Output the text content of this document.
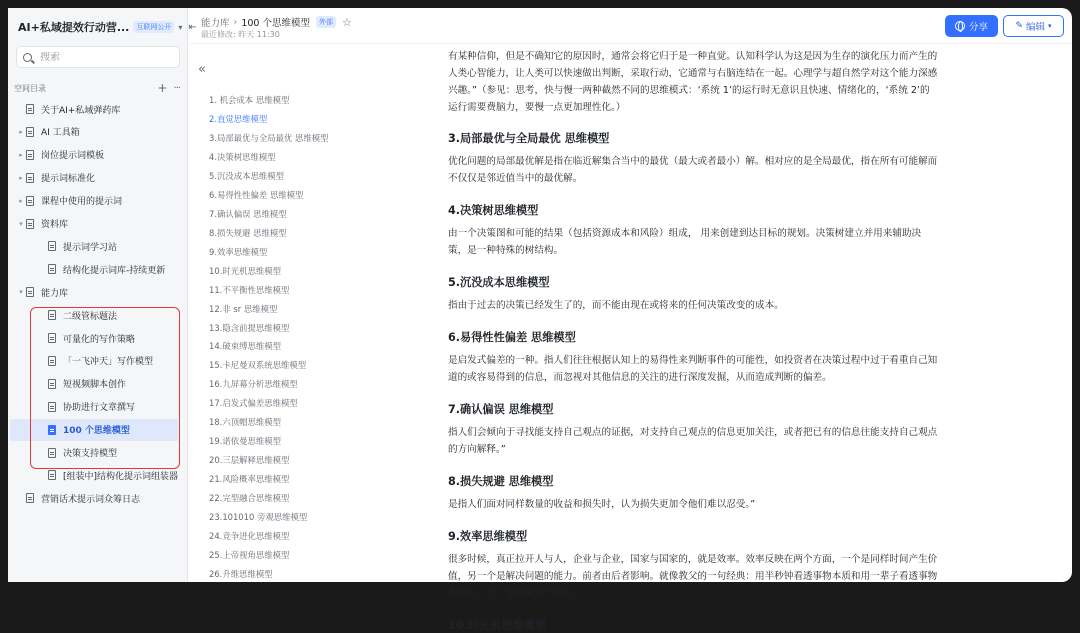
AI+私域提效行动营...	互联网公开 ▾ ⇤
搜索
空间目录	+ ···
关于AI+私域弹药库
▸	AI 工具箱
▸	岗位提示词模板
▸	提示词标准化
▸	课程中使用的提示词
▾	资料库
提示词学习站
结构化提示词库-持续更新
▾	能力库
二级管标题法
可量化的写作策略
「一飞冲天」写作模型
短视频脚本创作
协助进行文章撰写
100 个思维模型
决策支持模型
[组装中]结构化提示词组装器
营销话术提示词众筹日志
能力库 › 100 个思维模型	外部 ☆
最近修改: 昨天 11:30
分享	✎ 编辑 ▾
«
1. 机会成本 思维模型
2.直觉思维模型
3.局部最优与全局最优 思维模型
4.决策树思维模型
5.沉没成本思维模型
6.易得性性偏差 思维模型
7.确认偏误 思维模型
8.损失规避 思维模型
9.效率思维模型
10.时光机思维模型
11.不平衡性思维模型
12.非 sr 思维模型
13.隐含前提思维模型
14.破束缚思维模型
15.卡尼曼双系统思维模型
16.九屏幕分析思维模型
17.启发式偏差思维模型
18.六顶帽思维模型
19.诺依曼思维模型
20.三层解释思维模型
21.风险概率思维模型
22.完型融合思维模型
23.101010 旁观思维模型
24.竞争进化思维模型
25.上帝视角思维模型
26.升维思维模型
有某种信仰，但是不确知它的原因时，通常会将它归于是一种直觉。认知科学认为这是因为生存的演化压力而产生的
人类心智能力，让人类可以快速做出判断，采取行动，它通常与右脑连结在一起。心理学与超自然学对这个能力深感
兴趣。”（参见：思考，快与慢一两种截然不同的思维模式：‘系统 1’的运行时无意识且快速、情绪化的，‘系统 2’的
运行需要费脑力，要慢一点更加理性化。）
3.局部最优与全局最优 思维模型
优化问题的局部最优解是指在临近解集合当中的最优（最大或者最小）解。相对应的是全局最优，指在所有可能解而
不仅仅是邻近值当中的最优解。
4.决策树思维模型
由一个决策图和可能的结果（包括资源成本和风险）组成， 用来创建到达目标的规划。决策树建立并用来辅助决
策，是一种特殊的树结构。
5.沉没成本思维模型
指由于过去的决策已经发生了的，而不能由现在或将来的任何决策改变的成本。
6.易得性性偏差 思维模型
是启发式偏差的一种。指人们往往根据认知上的易得性来判断事件的可能性，如投资者在决策过程中过于看重自己知
道的或容易得到的信息，而忽视对其他信息的关注的进行深度发掘，从而造成判断的偏差。
7.确认偏误 思维模型
指人们会倾向于寻找能支持自己观点的证据，对支持自己观点的信息更加关注，或者把已有的信息往能支持自己观点
的方向解释。”
8.损失规避 思维模型
是指人们面对同样数量的收益和损失时，认为损失更加令他们难以忍受。”
9.效率思维模型
很多时候，真正拉开人与人，企业与企业，国家与国家的，就是效率。效率反映在两个方面，一个是同样时间产生价
值，另一个是解决问题的能力。前者由后者影响。就像教父的一句经典：用半秒钟看透事物本质和用一辈子看透事物
本质的人生一定是截然不同的。
10.时光机思维模型
